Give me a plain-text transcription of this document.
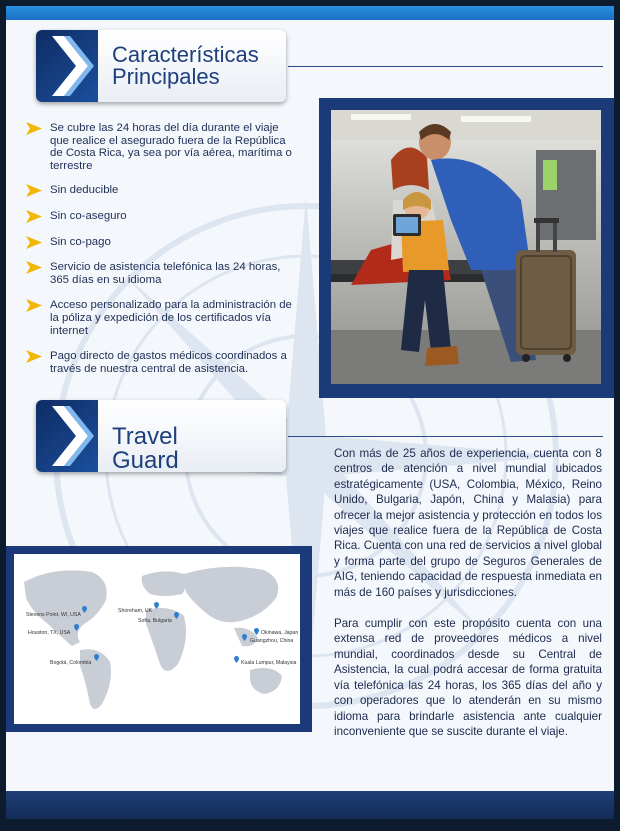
Características
Principales
Se cubre las 24 horas del día durante el viaje que realice el asegurado fuera de la República de Costa Rica, ya sea por vía aérea, marítima o terrestre
Sin deducible
Sin co-aseguro
Sin co-pago
Servicio de asistencia telefónica las 24 horas, 365 días en su idioma
Acceso personalizado para la administración de la póliza y expedición de los certificados vía internet
Pago directo de gastos médicos coordinados a través de nuestra central de asistencia.
Travel Guard	Con más de 25 años de experiencia, cuenta con 8 centros de atención a nivel mundial ubicados estratégicamente (USA, Colombia, México, Reino Unido, Bulgaria, Japón, China y Malasia) para ofrecer la mejor asistencia y protección en todos los viajes que realice fuera de la República de Costa Rica. Cuenta con una red de servicios a nivel global y forma parte del grupo de Seguros Generales de AIG, teniendo capacidad de respuesta inmediata en más de 160 países y jurisdicciones.

Para cumplir con este propósito cuenta con una extensa red de proveedores médicos a nivel mundial, coordinados desde su Central de Asistencia, la cual podrá accesar de forma gratuita vía telefónica las 24 horas, los 365 días del año y con operadores que lo atenderán en su mismo idioma para brindarle asistencia ante cualquier inconveniente que se suscite durante el viaje.

Stevens Point, WI, USA
Houston, TX, USA
Bogotá, Colombia
Shoreham, UK
Sofia, Bulgaria
Okinawa, Japan
Guangzhou, China
Kuala Lumpur, Malaysia
